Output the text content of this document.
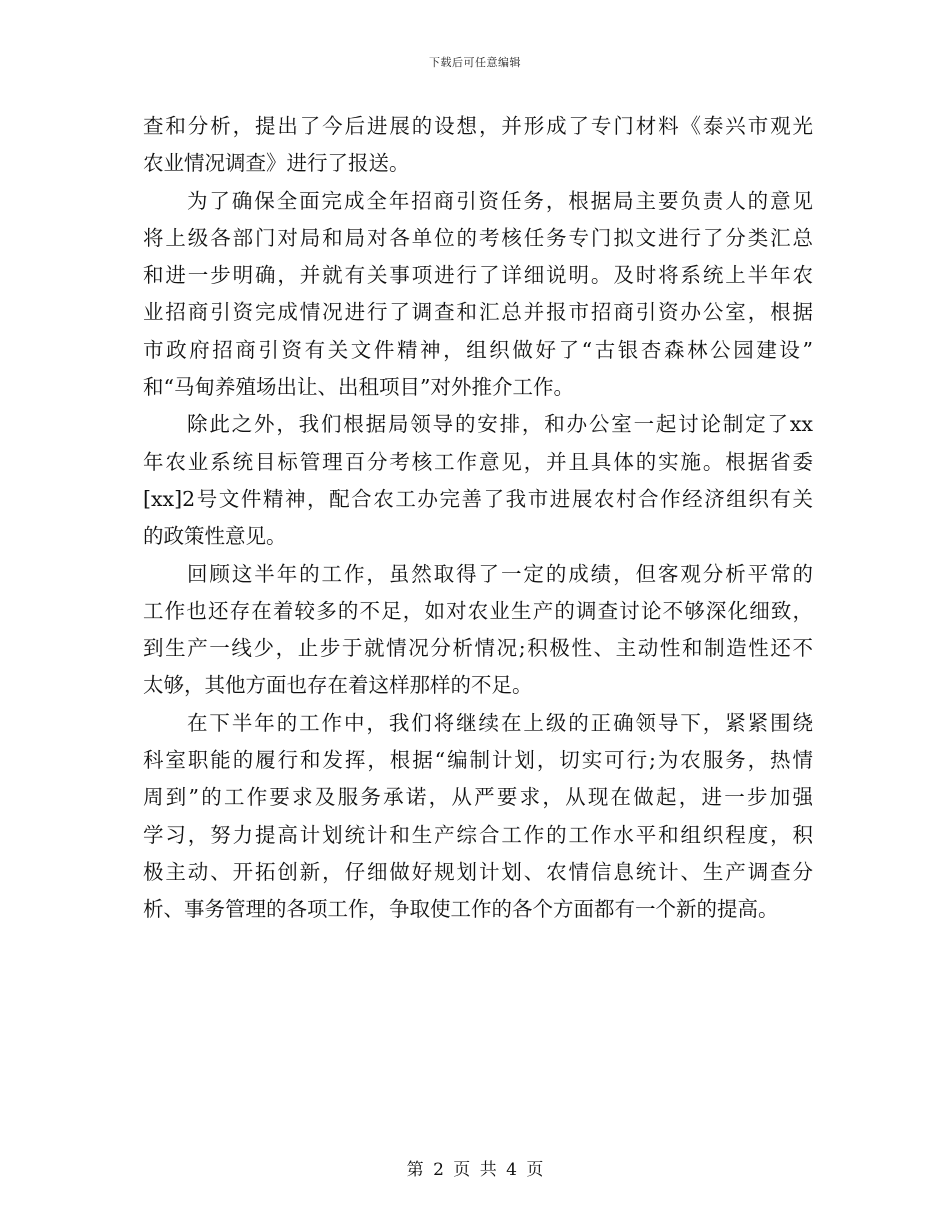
下载后可任意编辑
查和分析，提出了今后进展的设想，并形成了专门材料《泰兴市观光
农业情况调查》进行了报送。
为了确保全面完成全年招商引资任务，根据局主要负责人的意见
将上级各部门对局和局对各单位的考核任务专门拟文进行了分类汇总
和进一步明确，并就有关事项进行了详细说明。及时将系统上半年农
业招商引资完成情况进行了调查和汇总并报市招商引资办公室，根据
市政府招商引资有关文件精神，组织做好了“古银杏森林公园建设”
和“马甸养殖场出让、出租项目”对外推介工作。
除此之外，我们根据局领导的安排，和办公室一起讨论制定了xx
年农业系统目标管理百分考核工作意见，并且具体的实施。根据省委
[xx]2号文件精神，配合农工办完善了我市进展农村合作经济组织有关
的政策性意见。
回顾这半年的工作，虽然取得了一定的成绩，但客观分析平常的
工作也还存在着较多的不足，如对农业生产的调查讨论不够深化细致，
到生产一线少，止步于就情况分析情况;积极性、主动性和制造性还不
太够，其他方面也存在着这样那样的不足。
在下半年的工作中，我们将继续在上级的正确领导下，紧紧围绕
科室职能的履行和发挥，根据“编制计划，切实可行;为农服务，热情
周到”的工作要求及服务承诺，从严要求，从现在做起，进一步加强
学习，努力提高计划统计和生产综合工作的工作水平和组织程度，积
极主动、开拓创新，仔细做好规划计划、农情信息统计、生产调查分
析、事务管理的各项工作，争取使工作的各个方面都有一个新的提高。
第 2 页 共 4 页
